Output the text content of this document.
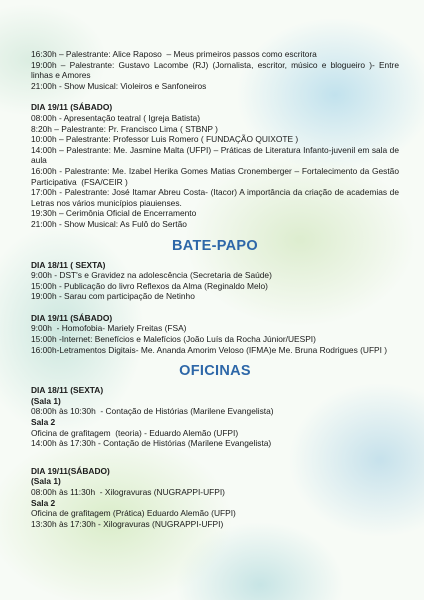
16:30h – Palestrante: Alice Raposo  – Meus primeiros passos como escritora
19:00h – Palestrante: Gustavo Lacombe (RJ) (Jornalista, escritor, músico e blogueiro )- Entre linhas e Amores
21:00h - Show Musical: Violeiros e Sanfoneiros
DIA 19/11 (SÁBADO)
08:00h - Apresentação teatral ( Igreja Batista)
8:20h – Palestrante: Pr. Francisco Lima ( STBNP )
10:00h – Palestrante: Professor Luis Romero ( FUNDAÇÃO QUIXOTE )
14:00h – Palestrante: Me. Jasmine Malta (UFPI) – Práticas de Literatura Infanto-juvenil em sala de aula
16:00h - Palestrante: Me. Izabel Herika Gomes Matias Cronemberger – Fortalecimento da Gestão Participativa  (FSA/CEIR )
17:00h - Palestrante: José Itamar Abreu Costa- (Itacor) A importância da criação de academias de Letras nos vários municípios piauienses.
19:30h – Cerimônia Oficial de Encerramento
21:00h - Show Musical: As Fulô do Sertão
BATE-PAPO
DIA 18/11 ( SEXTA)
9:00h - DST's e Gravidez na adolescência (Secretaria de Saúde)
15:00h - Publicação do livro Reflexos da Alma (Reginaldo Melo)
19:00h - Sarau com participação de Netinho
DIA 19/11 (SÁBADO)
9:00h  - Homofobia- Mariely Freitas (FSA)
15:00h -Internet: Benefícios e Malefícios (João Luís da Rocha Júnior/UESPI)
16:00h-Letramentos Digitais- Me. Ananda Amorim Veloso (IFMA)e Me. Bruna Rodrigues (UFPI )
OFICINAS
DIA 18/11 (SEXTA)
(Sala 1)
08:00h às 10:30h  - Contação de Histórias (Marilene Evangelista)
Sala 2
Oficina de grafitagem  (teoria) - Eduardo Alemão (UFPI)
14:00h às 17:30h - Contação de Histórias (Marilene Evangelista)
DIA 19/11(SÁBADO)
(Sala 1)
08:00h às 11:30h  - Xilogravuras (NUGRAPPI-UFPI)
Sala 2
Oficina de grafitagem (Prática) Eduardo Alemão (UFPI)
13:30h às 17:30h - Xilogravuras (NUGRAPPI-UFPI)
